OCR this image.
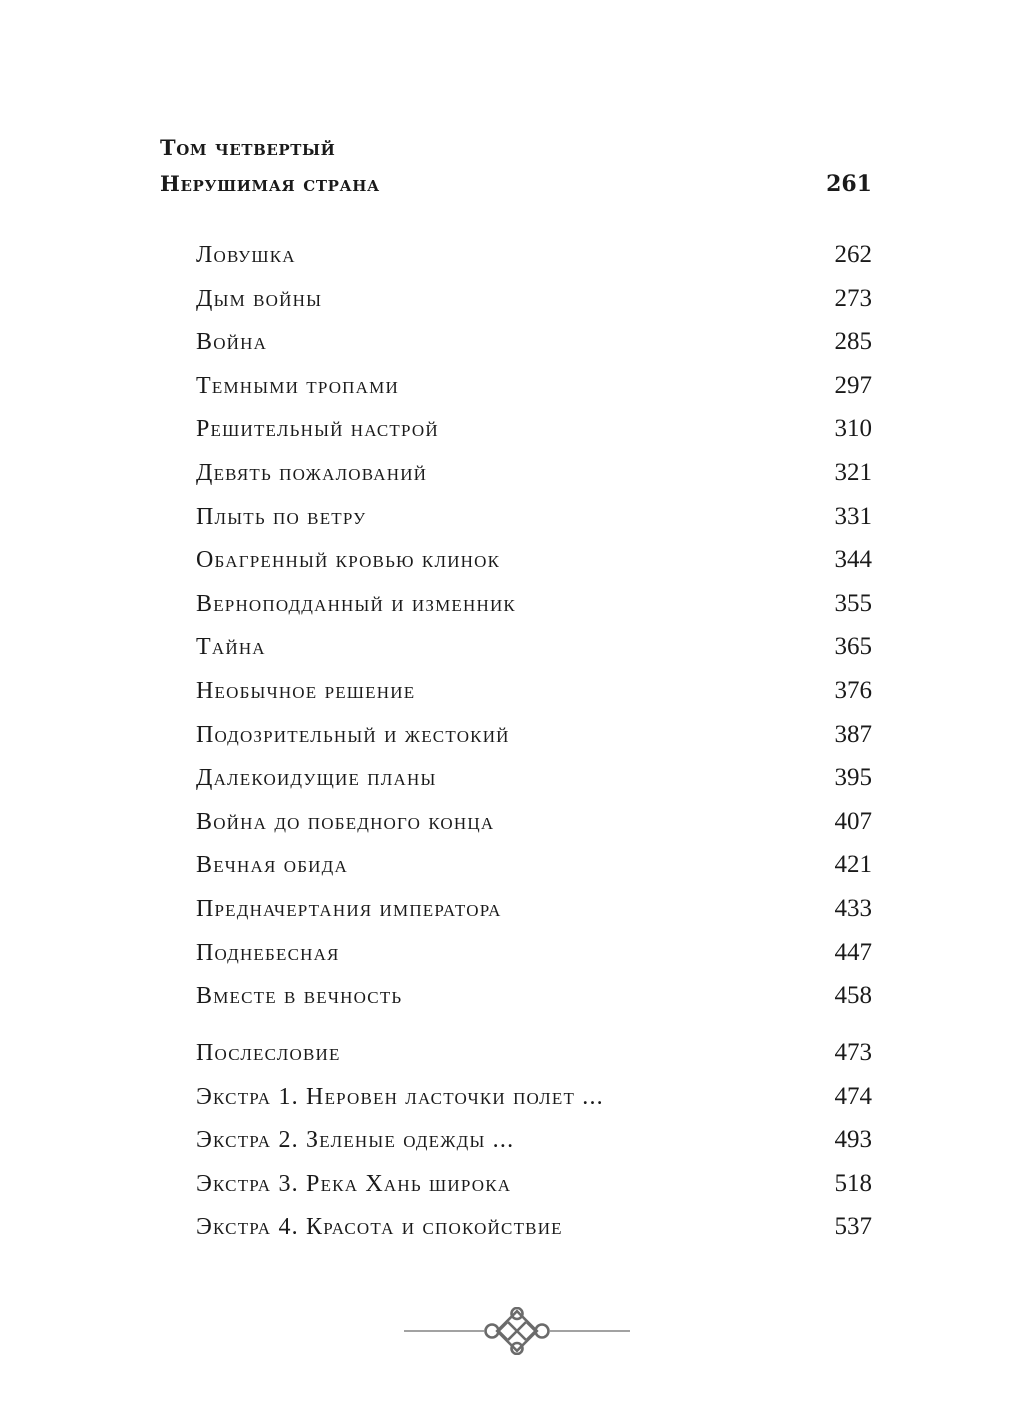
Том четвертый
Нерушимая страна	261
Ловушка	262
Дым войны	273
Война	285
Темными тропами	297
Решительный настрой	310
Девять пожалований	321
Плыть по ветру	331
Обагренный кровью клинок	344
Верноподданный и изменник	355
Тайна	365
Необычное решение	376
Подозрительный и жестокий	387
Далекоидущие планы	395
Война до победного конца	407
Вечная обида	421
Предначертания императора	433
Поднебесная	447
Вместе в вечность	458
Послесловие	473
Экстра 1. Неровен ласточки полет ...	474
Экстра 2. Зеленые одежды ...	493
Экстра 3. Река Хань широка	518
Экстра 4. Красота и спокойствие	537
